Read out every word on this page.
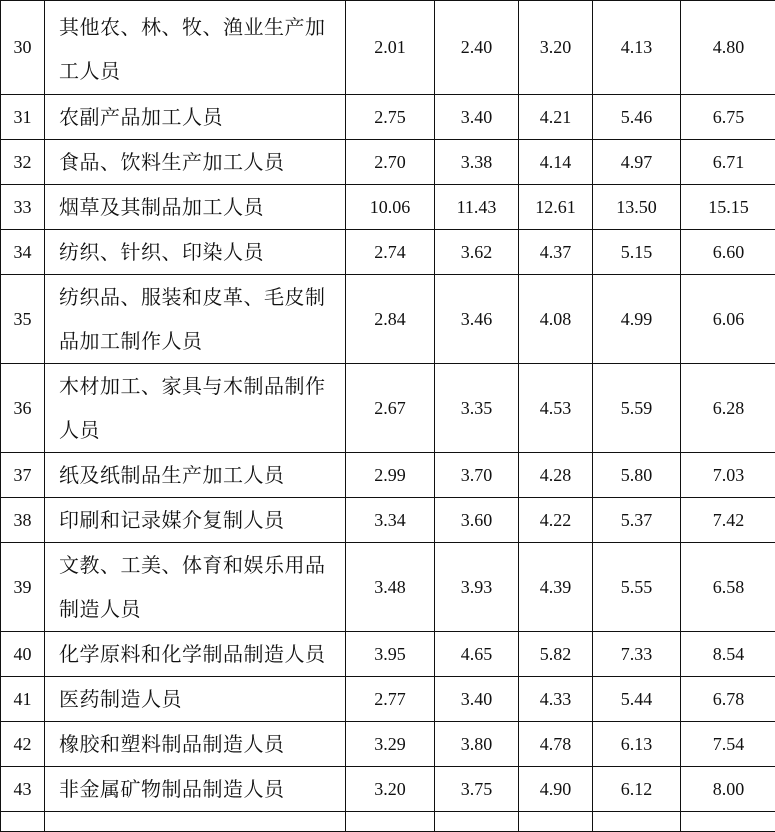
30	其他农、林、牧、渔业生产加工人员	2.01	2.40	3.20	4.13	4.80
31	农副产品加工人员	2.75	3.40	4.21	5.46	6.75
32	食品、饮料生产加工人员	2.70	3.38	4.14	4.97	6.71
33	烟草及其制品加工人员	10.06	11.43	12.61	13.50	15.15
34	纺织、针织、印染人员	2.74	3.62	4.37	5.15	6.60
35	纺织品、服装和皮革、毛皮制品加工制作人员	2.84	3.46	4.08	4.99	6.06
36	木材加工、家具与木制品制作人员	2.67	3.35	4.53	5.59	6.28
37	纸及纸制品生产加工人员	2.99	3.70	4.28	5.80	7.03
38	印刷和记录媒介复制人员	3.34	3.60	4.22	5.37	7.42
39	文教、工美、体育和娱乐用品制造人员	3.48	3.93	4.39	5.55	6.58
40	化学原料和化学制品制造人员	3.95	4.65	5.82	7.33	8.54
41	医药制造人员	2.77	3.40	4.33	5.44	6.78
42	橡胶和塑料制品制造人员	3.29	3.80	4.78	6.13	7.54
43	非金属矿物制品制造人员	3.20	3.75	4.90	6.12	8.00
